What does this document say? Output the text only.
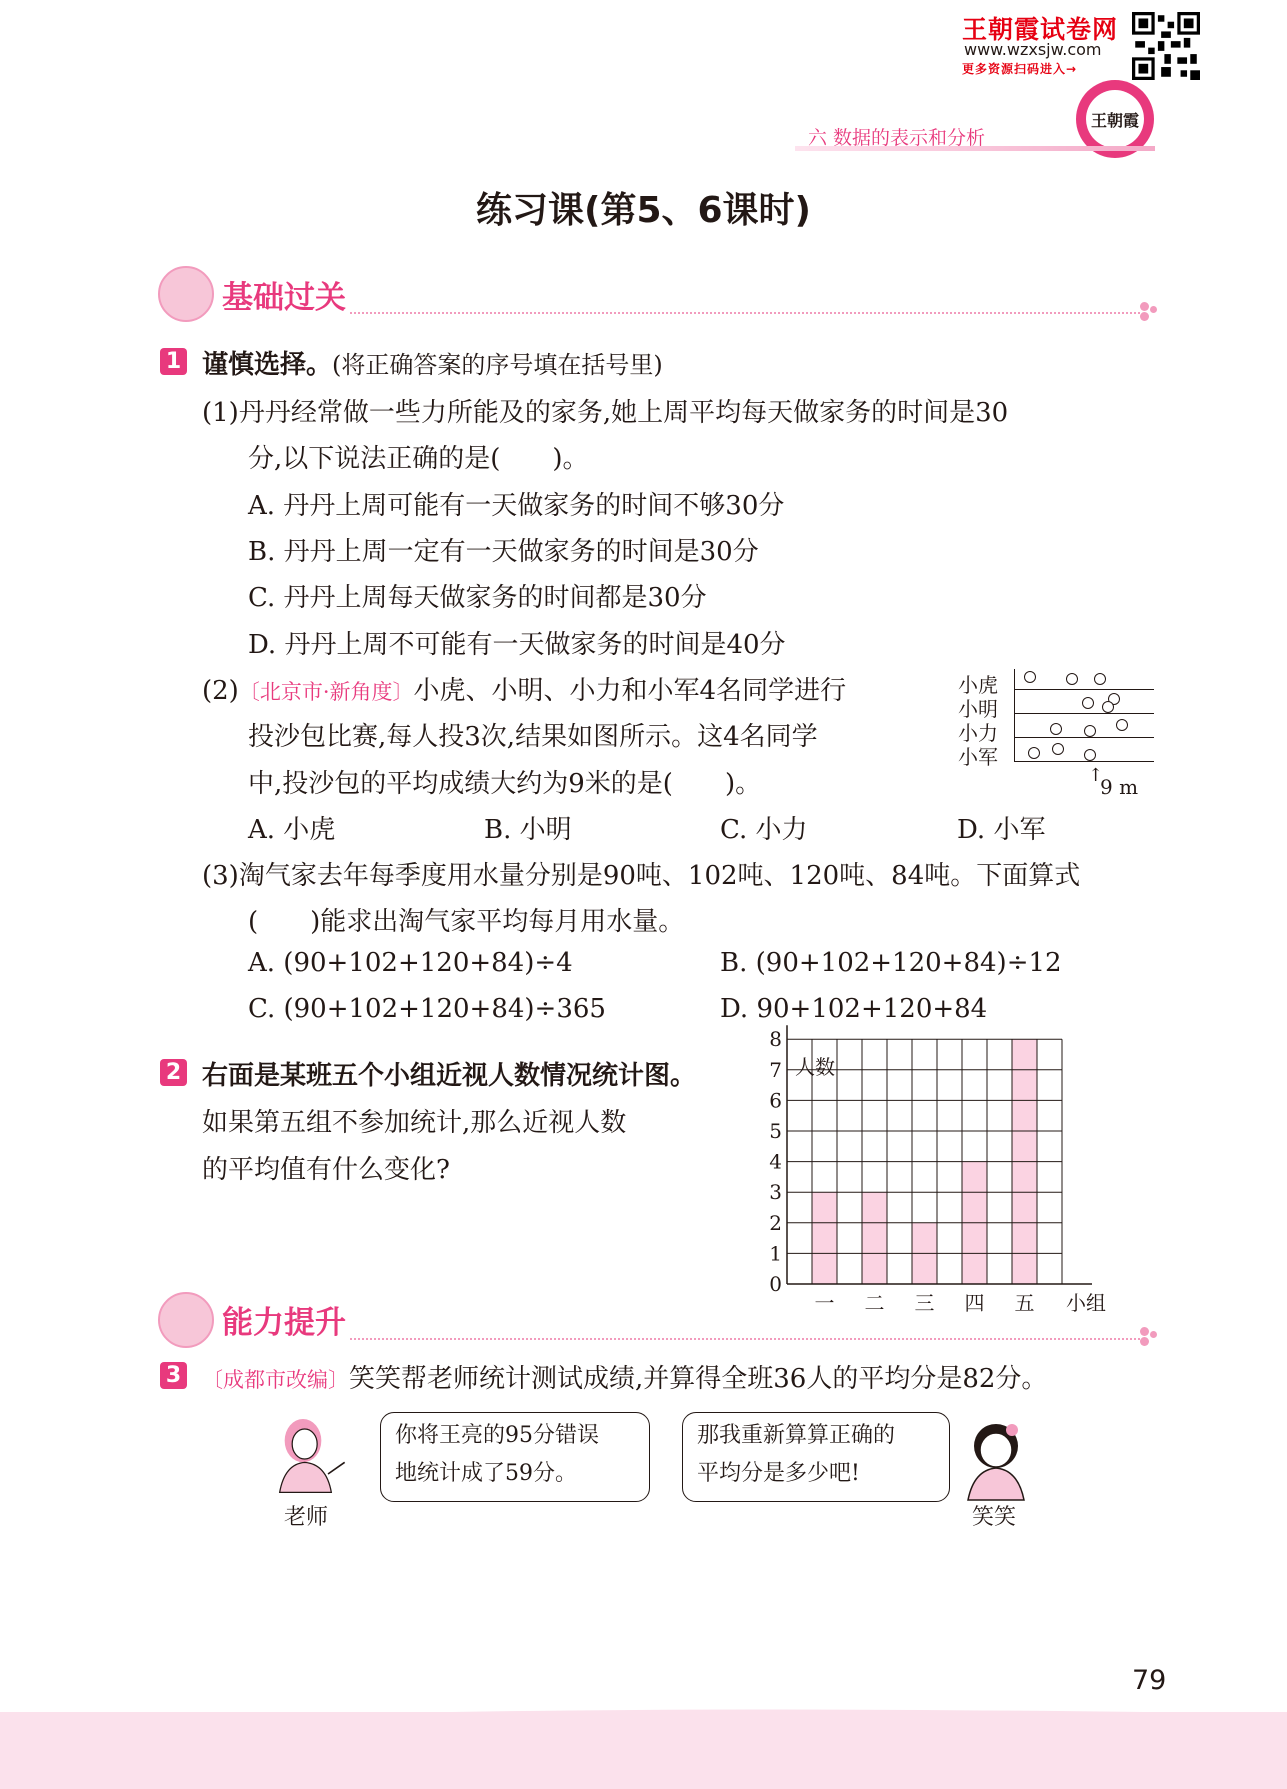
王朝霞试卷网
www.wzxsjw.com
更多资源扫码进入→
王朝霞
六 数据的表示和分析
练习课(第5、6课时)
基础过关
1 谨慎选择。(将正确答案的序号填在括号里)
(1)丹丹经常做一些力所能及的家务,她上周平均每天做家务的时间是30
分,以下说法正确的是(　　)。
A. 丹丹上周可能有一天做家务的时间不够30分
B. 丹丹上周一定有一天做家务的时间是30分
C. 丹丹上周每天做家务的时间都是30分
D. 丹丹上周不可能有一天做家务的时间是40分
(2)〔北京市·新角度〕小虎、小明、小力和小军4名同学进行
投沙包比赛,每人投3次,结果如图所示。这4名同学
中,投沙包的平均成绩大约为9米的是(　　)。
A. 小虎	B. 小明	C. 小力	D. 小军
小虎
小明
小力
小军
↑
9 m
(3)淘气家去年每季度用水量分别是90吨、102吨、120吨、84吨。下面算式
(　　)能求出淘气家平均每月用水量。
A. (90+102+120+84)÷4	B. (90+102+120+84)÷12
C. (90+102+120+84)÷365	D. 90+102+120+84
2 右面是某班五个小组近视人数情况统计图。
如果第五组不参加统计,那么近视人数
的平均值有什么变化?
0
1
2
3
4
5
6
7
8
一 二 三 四 五
人数
小组
能力提升
3 〔成都市改编〕笑笑帮老师统计测试成绩,并算得全班36人的平均分是82分。
老师
你将王亮的95分错误
地统计成了59分。
那我重新算算正确的
平均分是多少吧!
笑笑
79
